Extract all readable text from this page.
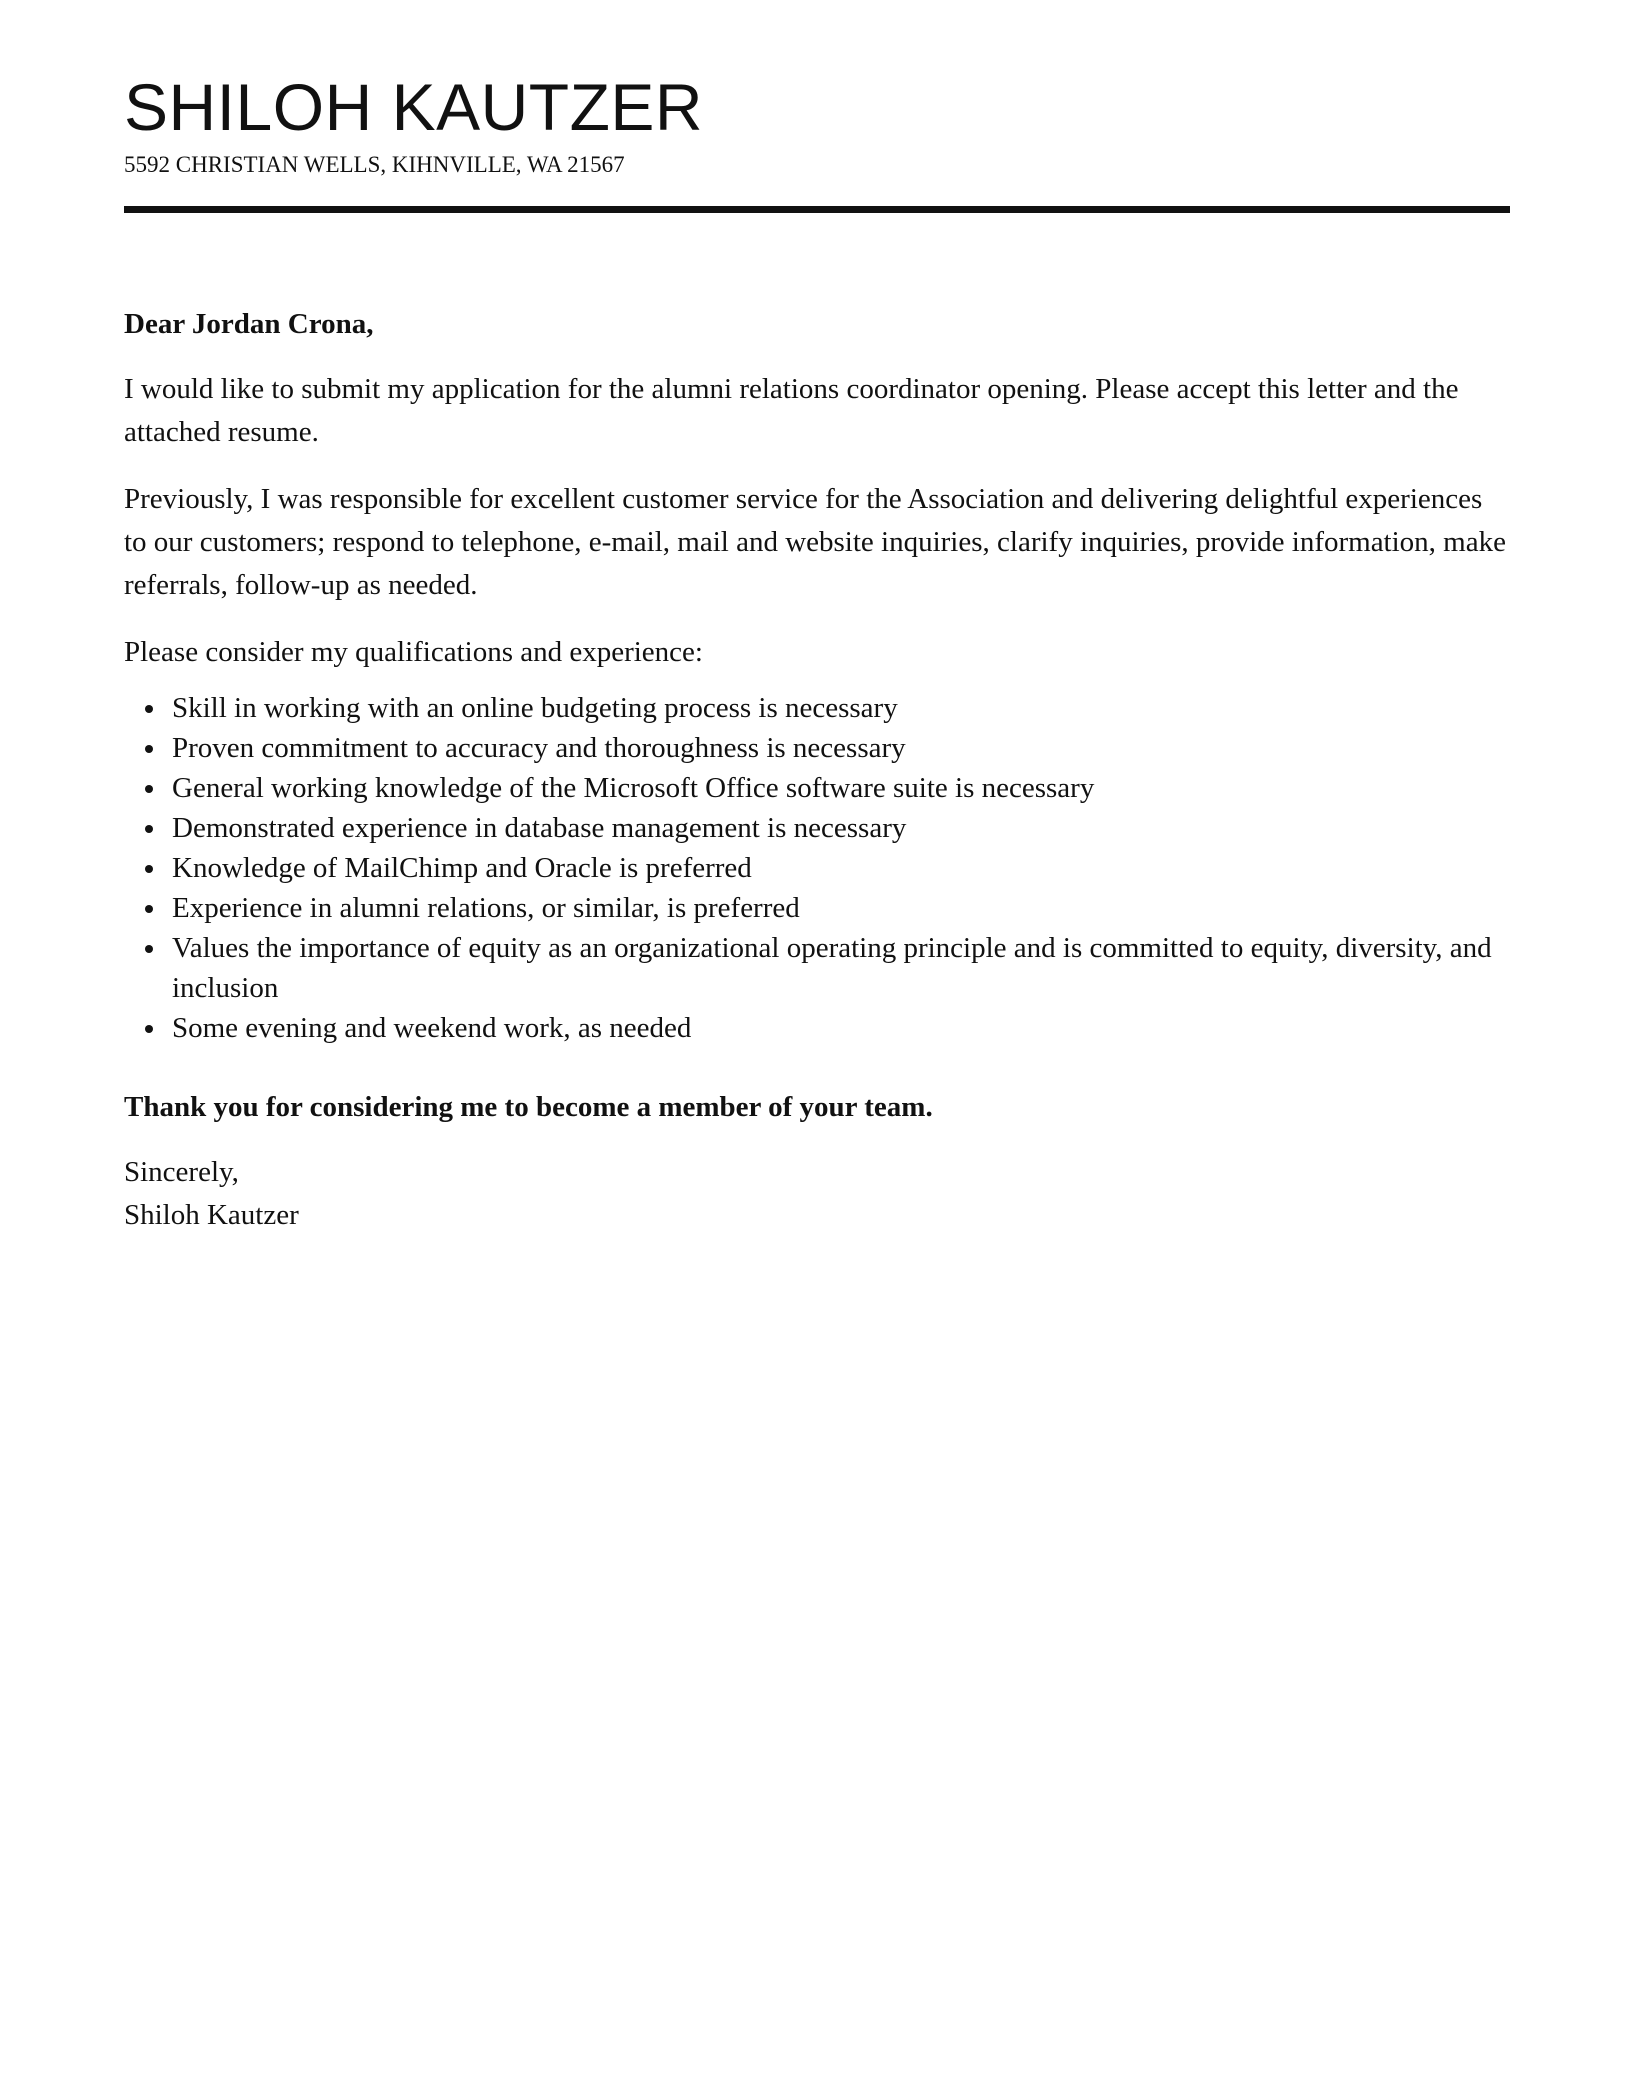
SHILOH KAUTZER
5592 CHRISTIAN WELLS, KIHNVILLE, WA 21567

Dear Jordan Crona,

I would like to submit my application for the alumni relations coordinator opening. Please accept this letter and the attached resume.

Previously, I was responsible for excellent customer service for the Association and delivering delightful experiences to our customers; respond to telephone, e-mail, mail and website inquiries, clarify inquiries, provide information, make referrals, follow-up as needed.

Please consider my qualifications and experience:

Skill in working with an online budgeting process is necessary
Proven commitment to accuracy and thoroughness is necessary
General working knowledge of the Microsoft Office software suite is necessary
Demonstrated experience in database management is necessary
Knowledge of MailChimp and Oracle is preferred
Experience in alumni relations, or similar, is preferred
Values the importance of equity as an organizational operating principle and is committed to equity, diversity, and inclusion
Some evening and weekend work, as needed

Thank you for considering me to become a member of your team.

Sincerely,
Shiloh Kautzer
